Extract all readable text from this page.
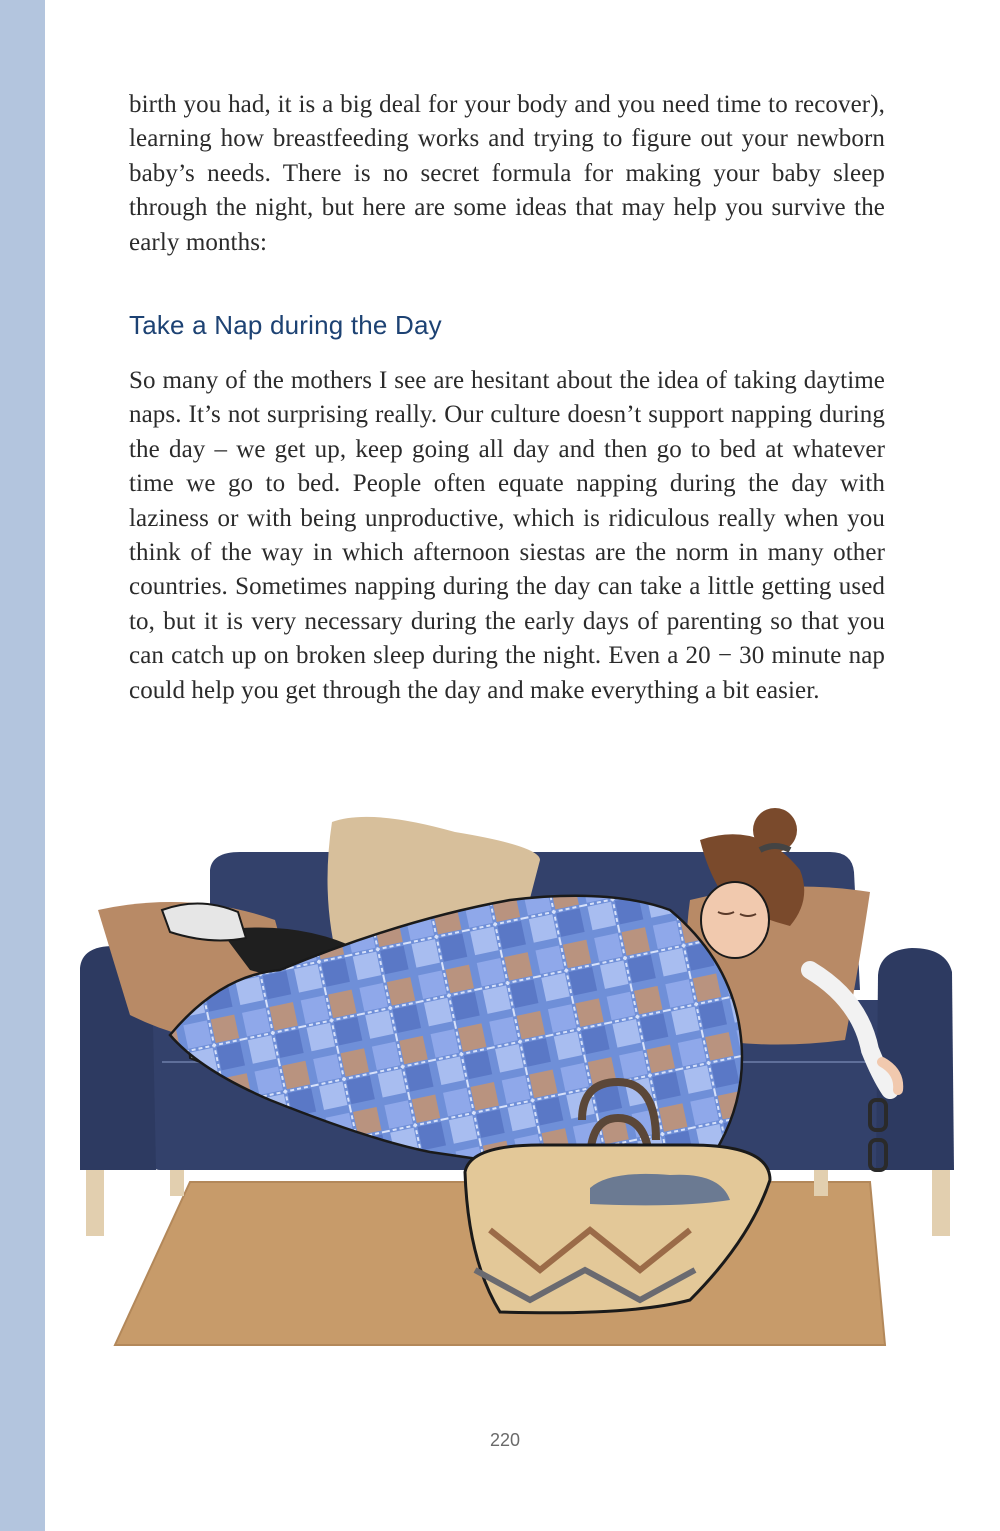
birth you had, it is a big deal for your body and you need time to recover), learning how breastfeeding works and trying to figure out your newborn baby’s needs. There is no secret formula for making your baby sleep through the night, but here are some ideas that may help you survive the early months:

Take a Nap during the Day

So many of the mothers I see are hesitant about the idea of taking daytime naps. It’s not surprising really. Our culture doesn’t support napping during the day – we get up, keep going all day and then go to bed at whatever time we go to bed. People often equate napping during the day with laziness or with being unproductive, which is ridiculous really when you think of the way in which afternoon siestas are the norm in many other countries. Sometimes napping during the day can take a little getting used to, but it is very necessary during the early days of parenting so that you can catch up on broken sleep during the night. Even a 20 − 30 minute nap could help you get through the day and make everything a bit easier.

220
